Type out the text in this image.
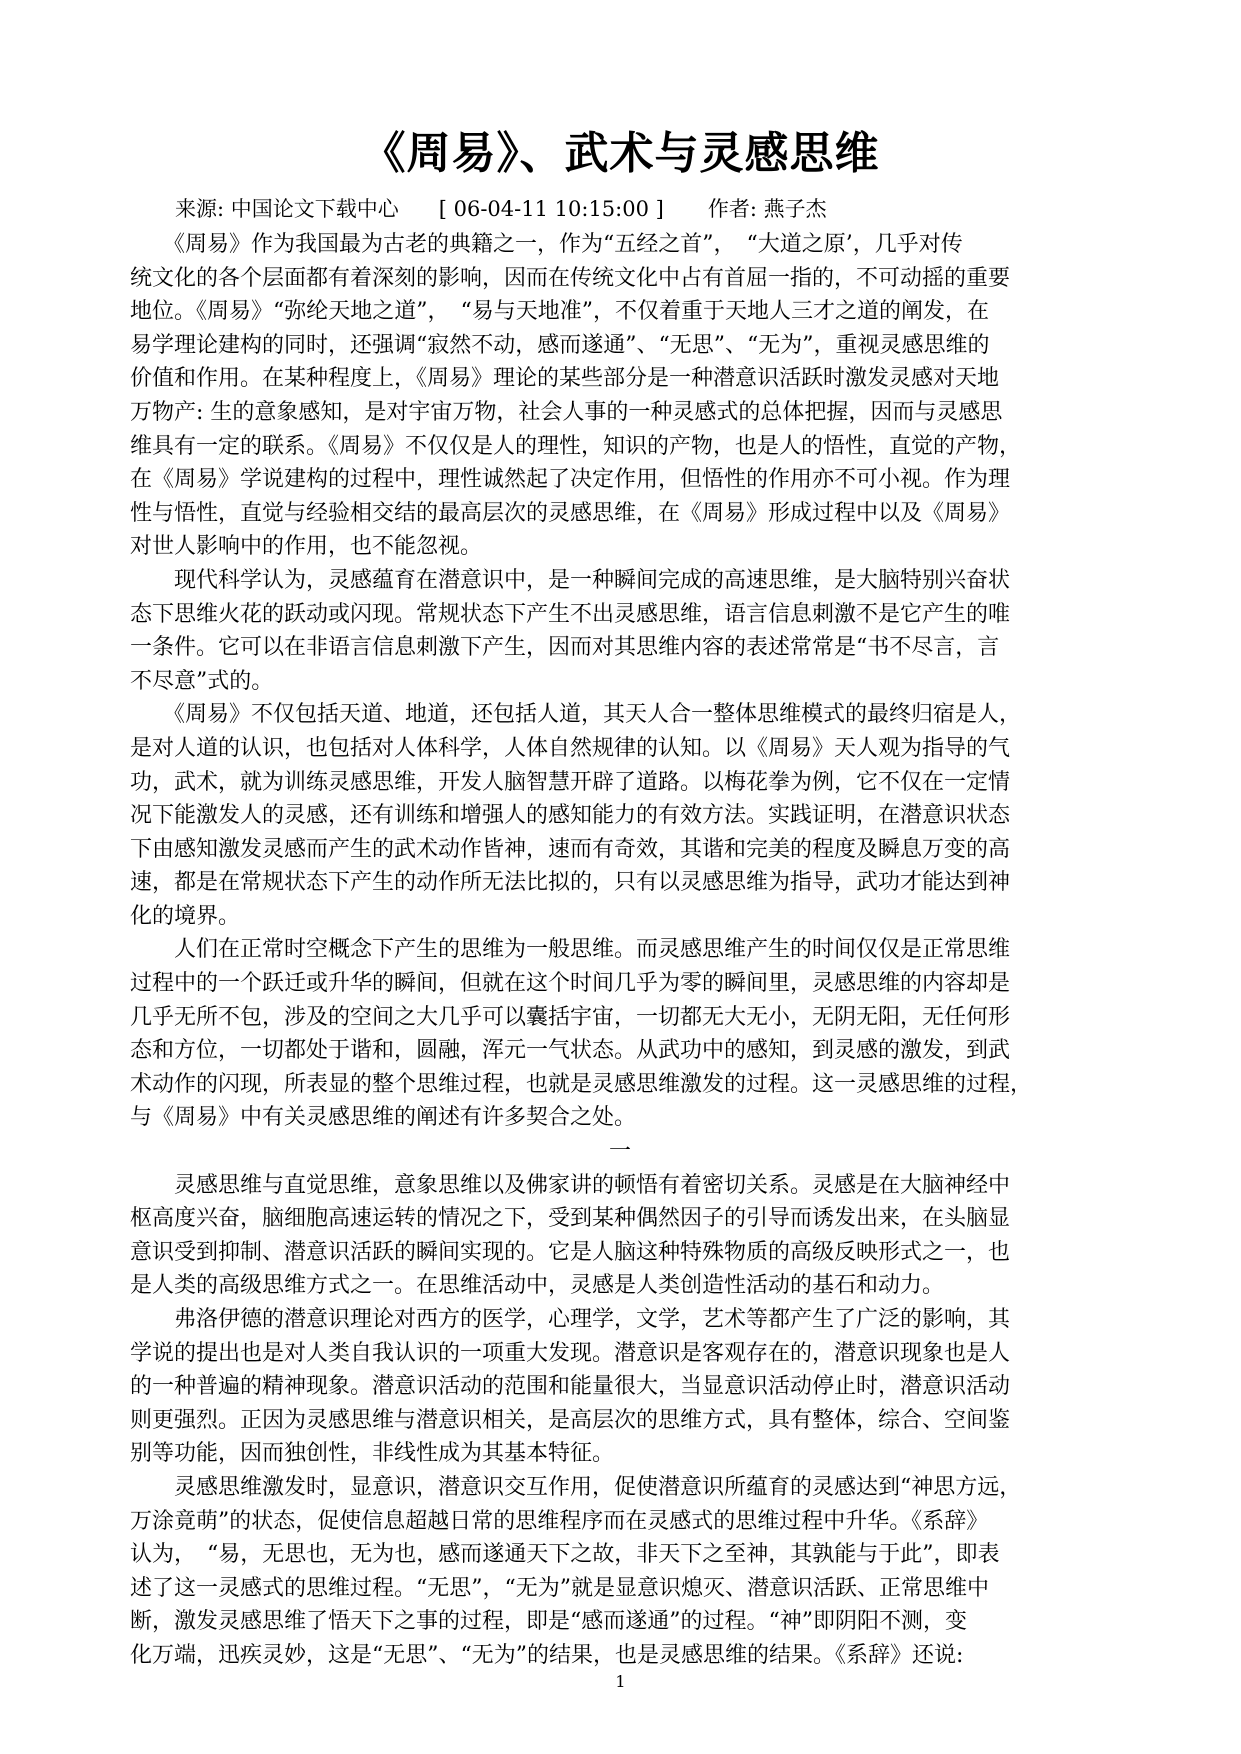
《周易》、武术与灵感思维
来源: 中国论文下载中心 [ 06-04-11 10:15:00 ] 作者: 燕子杰
　　《周易》作为我国最为古老的典籍之一，作为“五经之首”，　“大道之原’，几乎对传
统文化的各个层面都有着深刻的影响，因而在传统文化中占有首屈一指的，不可动摇的重要
地位。《周易》“弥纶天地之道”，　“易与天地准”，不仅着重于天地人三才之道的阐发，在
易学理论建构的同时，还强调“寂然不动，感而遂通”、“无思”、“无为”，重视灵感思维的
价值和作用。在某种程度上，《周易》理论的某些部分是一种潜意识活跃时激发灵感对天地
万物产: 生的意象感知，是对宇宙万物，社会人事的一种灵感式的总体把握，因而与灵感思
维具有一定的联系。《周易》不仅仅是人的理性，知识的产物，也是人的悟性，直觉的产物，
在《周易》学说建构的过程中，理性诚然起了决定作用，但悟性的作用亦不可小视。作为理
性与悟性，直觉与经验相交结的最高层次的灵感思维，在《周易》形成过程中以及《周易》
对世人影响中的作用，也不能忽视。
　　现代科学认为，灵感蕴育在潜意识中，是一种瞬间完成的高速思维，是大脑特别兴奋状
态下思维火花的跃动或闪现。常规状态下产生不出灵感思维，语言信息刺激不是它产生的唯
一条件。它可以在非语言信息刺激下产生，因而对其思维内容的表述常常是“书不尽言，言
不尽意”式的。
　　《周易》不仅包括天道、地道，还包括人道，其天人合一整体思维模式的最终归宿是人，
是对人道的认识，也包括对人体科学，人体自然规律的认知。以《周易》天人观为指导的气
功，武术，就为训练灵感思维，开发人脑智慧开辟了道路。以梅花拳为例，它不仅在一定情
况下能激发人的灵感，还有训练和增强人的感知能力的有效方法。实践证明，在潜意识状态
下由感知激发灵感而产生的武术动作皆神，速而有奇效，其谐和完美的程度及瞬息万变的高
速，都是在常规状态下产生的动作所无法比拟的，只有以灵感思维为指导，武功才能达到神
化的境界。
　　人们在正常时空概念下产生的思维为一般思维。而灵感思维产生的时间仅仅是正常思维
过程中的一个跃迁或升华的瞬间，但就在这个时间几乎为零的瞬间里，灵感思维的内容却是
几乎无所不包，涉及的空间之大几乎可以囊括宇宙，一切都无大无小，无阴无阳，无任何形
态和方位，一切都处于谐和，圆融，浑元一气状态。从武功中的感知，到灵感的激发，到武
术动作的闪现，所表显的整个思维过程，也就是灵感思维激发的过程。这一灵感思维的过程，
与《周易》中有关灵感思维的阐述有许多契合之处。
一
　　灵感思维与直觉思维，意象思维以及佛家讲的顿悟有着密切关系。灵感是在大脑神经中
枢高度兴奋，脑细胞高速运转的情况之下，受到某种偶然因子的引导而诱发出来，在头脑显
意识受到抑制、潜意识活跃的瞬间实现的。它是人脑这种特殊物质的高级反映形式之一，也
是人类的高级思维方式之一。在思维活动中，灵感是人类创造性活动的基石和动力。
　　弗洛伊德的潜意识理论对西方的医学，心理学，文学，艺术等都产生了广泛的影响，其
学说的提出也是对人类自我认识的一项重大发现。潜意识是客观存在的，潜意识现象也是人
的一种普遍的精神现象。潜意识活动的范围和能量很大，当显意识活动停止时，潜意识活动
则更强烈。正因为灵感思维与潜意识相关，是高层次的思维方式，具有整体，综合、空间鉴
别等功能，因而独创性，非线性成为其基本特征。
　　灵感思维激发时，显意识，潜意识交互作用，促使潜意识所蕴育的灵感达到“神思方远，
万涂竟萌”的状态，促使信息超越日常的思维程序而在灵感式的思维过程中升华。《系辞》
认为，　“易，无思也，无为也，感而遂通天下之故，非天下之至神，其孰能与于此”，即表
述了这一灵感式的思维过程。“无思”，“无为”就是显意识熄灭、潜意识活跃、正常思维中
断，激发灵感思维了悟天下之事的过程，即是“感而遂通”的过程。“神”即阴阳不测，变
化万端，迅疾灵妙，这是“无思”、“无为”的结果，也是灵感思维的结果。《系辞》还说:
1
